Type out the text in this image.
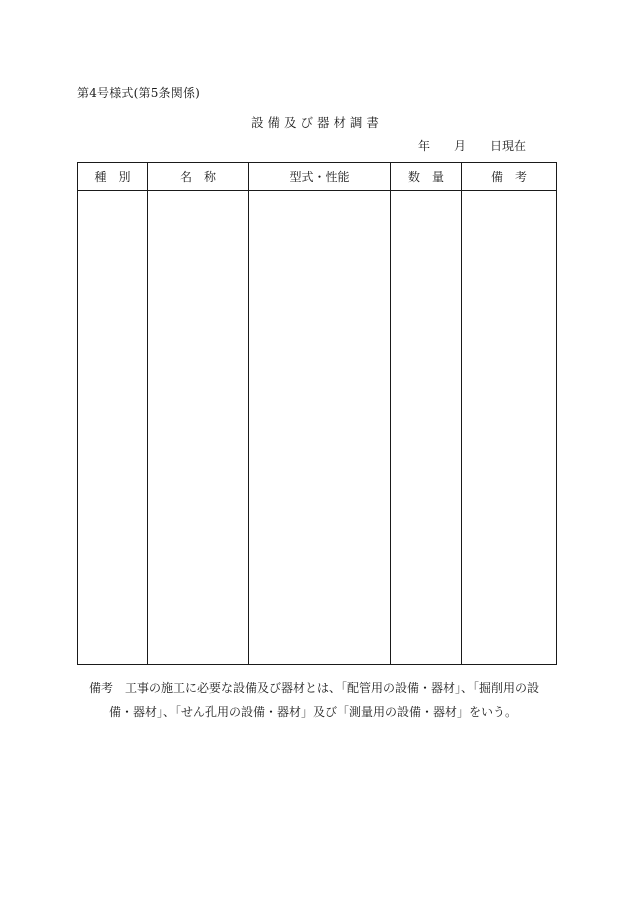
第4号様式(第5条関係)
設 備 及 び 器 材 調 書
年 月 日現在
種　別	名　称	型式・性能	数　量	備　考

備考 工事の施工に必要な設備及び器材とは、「配管用の設備・器材」、「掘削用の設備・器材」、「せん孔用の設備・器材」及び「測量用の設備・器材」をいう。
